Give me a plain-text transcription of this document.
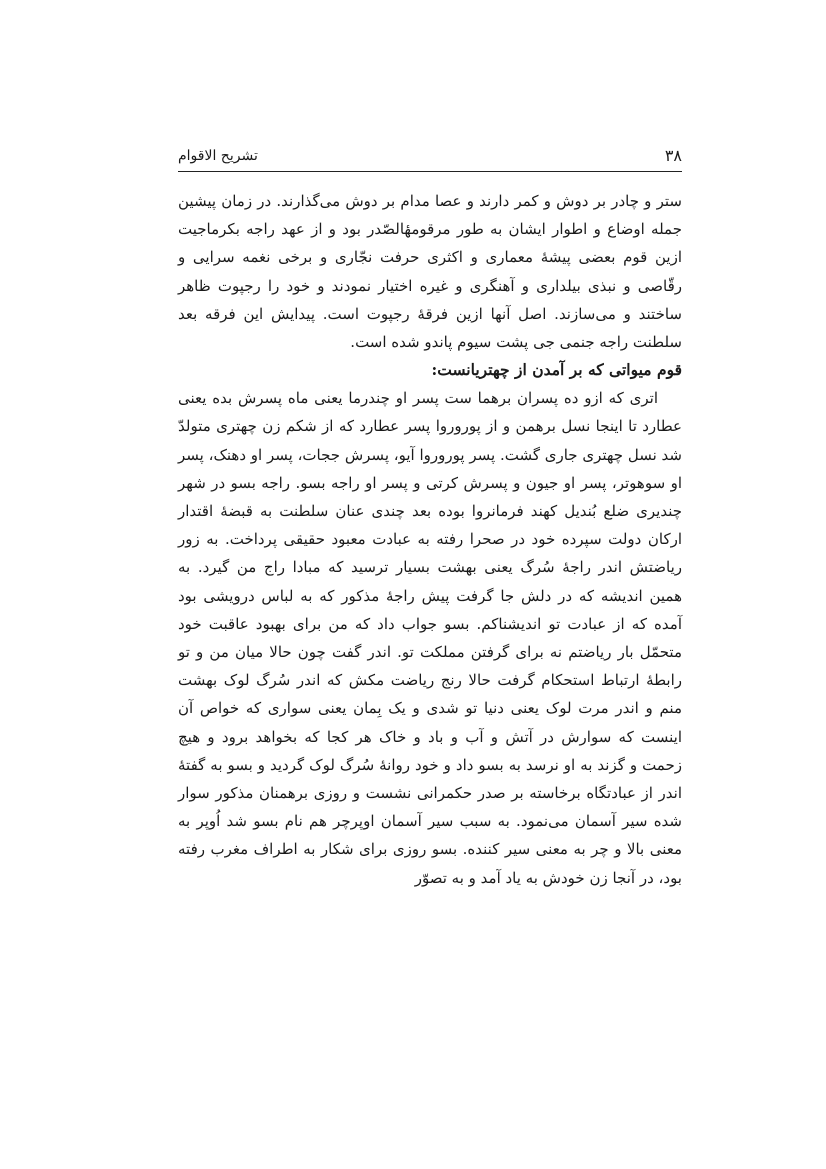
۳۸
تشریح الاقوام

ستر و چادر بر دوش و کمر دارند و عصا مدام بر دوش می‌گذارند. در زمان پیشین جمله اوضاع و اطوار ایشان به طور مرقومهٔالصّدر بود و از عهد راجه بکرماجیت ازین قوم بعضی پیشهٔ معماری و اکثری حرفت نجّاری و برخی نغمه سرایی و رقّاصی و نبذی بیلداری و آهنگری و غیره اختیار نمودند و خود را رجپوت ظاهر ساختند و می‌سازند. اصل آنها ازین فرقهٔ رجپوت است. پیدایش این فرقه بعد سلطنت راجه جنمی جی پشت سیوم پاندو شده است.

قوم میواتی که بر آمدن از چهتریانست:

اتری که ازو ده پسران برهما ست پسر او چندرما یعنی ماه پسرش بده یعنی عطارد تا اینجا نسل برهمن و از پوروروا پسر عطارد که از شکم زن چهتری متولدّ شد نسل چهتری جاری گشت. پسر پوروروا آیو، پسرش ججات، پسر او دهنک، پسر او سوهوتر، پسر او جیون و پسرش کرتی و پسر او راجه بسو. راجه بسو در شهر چندیری ضلع بُندیل کهند فرمانروا بوده بعد چندی عنان سلطنت به قبضهٔ اقتدار ارکان دولت سپرده خود در صحرا رفته به عبادت معبود حقیقی پرداخت. به زور ریاضتش اندر راجهٔ سُرگ یعنی بهشت بسیار ترسید که مبادا راج من گیرد. به همین اندیشه که در دلش جا گرفت پیش راجهٔ مذکور که به لباس درویشی بود آمده که از عبادت تو اندیشناکم. بسو جواب داد که من برای بهبود عاقبت خود متحمّل بار ریاضتم نه برای گرفتن مملکت تو. اندر گفت چون حالا میان من و تو رابطهٔ ارتباط استحکام گرفت حالا رنج ریاضت مکش که اندر سُرگ لوک بهشت منم و اندر مرت لوک یعنی دنیا تو شدی و یک بِمان یعنی سواری که خواص آن اینست که سوارش در آتش و آب و باد و خاک هر کجا که بخواهد برود و هیچ زحمت و گزند به او نرسد به بسو داد و خود روانهٔ سُرگ لوک گردید و بسو به گفتهٔ اندر از عبادتگاه برخاسته بر صدر حکمرانی نشست و روزی برهمنان مذکور سوار شده سیر آسمان می‌نمود. به سبب سیر آسمان اوپرچر هم نام بسو شد اُوپر به معنی بالا و چر به معنی سیر کننده. بسو روزی برای شکار به اطراف مغرب رفته بود، در آنجا زن خودش به یاد آمد و به تصوّر
